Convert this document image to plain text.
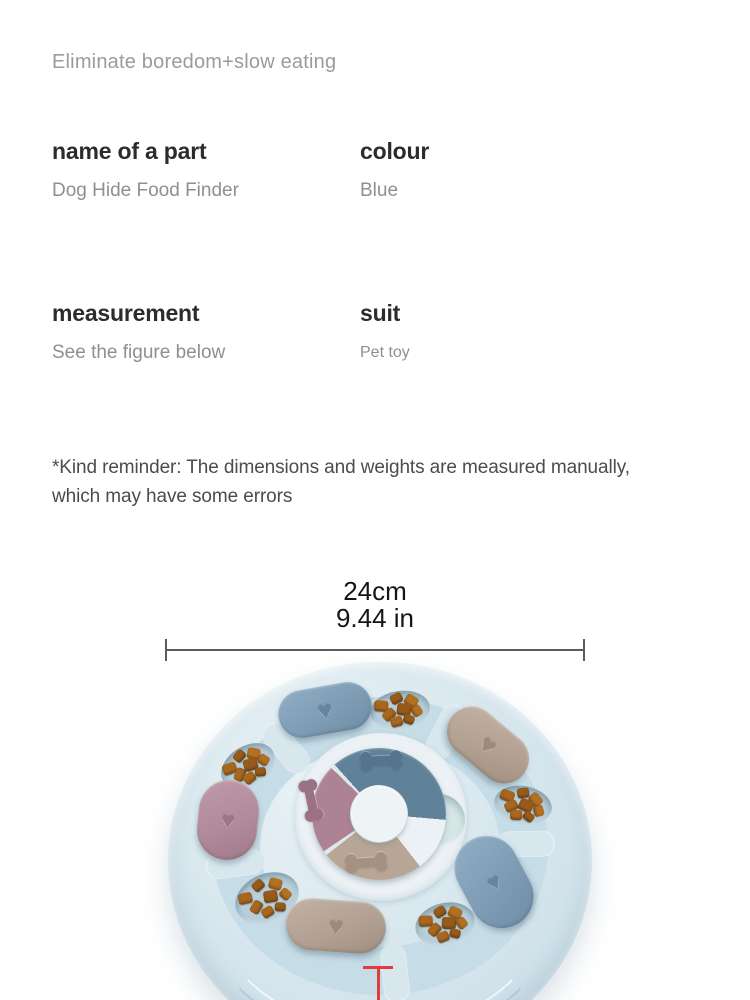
Eliminate boredom+slow eating
name of a part
Dog Hide Food Finder
colour
Blue
measurement
See the figure below
suit
Pet toy
*Kind reminder: The dimensions and weights are measured manually,
which may have some errors
24cm
9.44 in
♥
♥
♥
♥
♥
